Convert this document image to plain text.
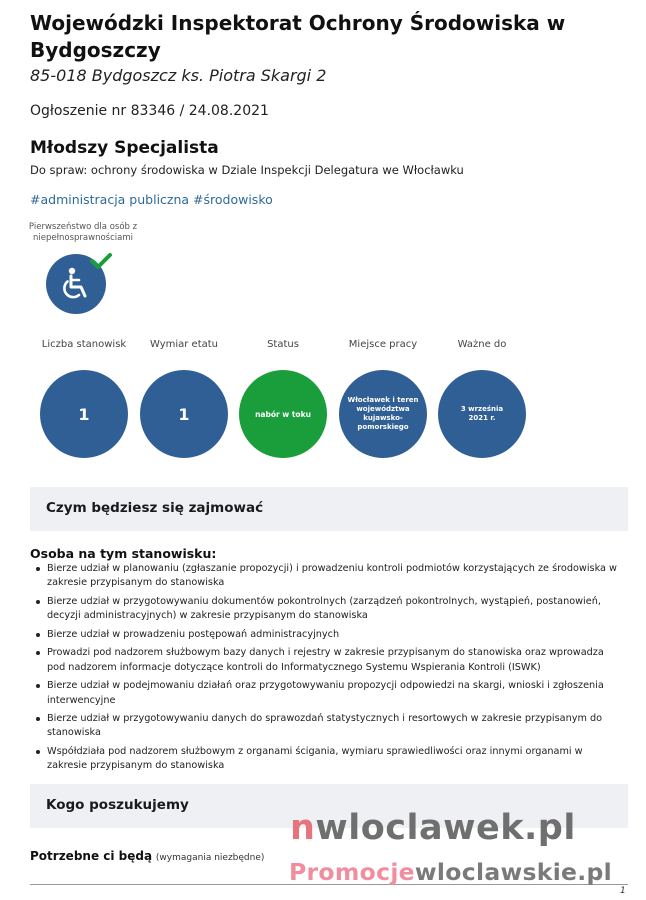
Wojewódzki Inspektorat Ochrony Środowiska w Bydgoszczy
85-018 Bydgoszcz ks. Piotra Skargi 2
Ogłoszenie nr 83346 / 24.08.2021
Młodszy Specjalista
Do spraw: ochrony środowiska w Dziale Inspekcji Delegatura we Włocławku
#administracja publiczna #środowisko
Pierwszeństwo dla osób z niepełnosprawnościami
Liczba stanowisk
1
Wymiar etatu
1
Status
nabór w toku
Miejsce pracy
Włocławek i teren województwa kujawsko-pomorskiego
Ważne do
3 września 2021 r.
Czym będziesz się zajmować
Osoba na tym stanowisku:
Bierze udział w planowaniu (zgłaszanie propozycji) i prowadzeniu kontroli podmiotów korzystających ze środowiska w zakresie przypisanym do stanowiska
Bierze udział w przygotowywaniu dokumentów pokontrolnych (zarządzeń pokontrolnych, wystąpień, postanowień, decyzji administracyjnych) w zakresie przypisanym do stanowiska
Bierze udział w prowadzeniu postępowań administracyjnych
Prowadzi pod nadzorem służbowym bazy danych i rejestry w zakresie przypisanym do stanowiska oraz wprowadza pod nadzorem informacje dotyczące kontroli do Informatycznego Systemu Wspierania Kontroli (ISWK)
Bierze udział w podejmowaniu działań oraz przygotowywaniu propozycji odpowiedzi na skargi, wnioski i zgłoszenia interwencyjne
Bierze udział w przygotowywaniu danych do sprawozdań statystycznych i resortowych w zakresie przypisanym do stanowiska
Współdziała pod nadzorem służbowym z organami ścigania, wymiaru sprawiedliwości oraz innymi organami w zakresie przypisanym do stanowiska
Kogo poszukujemy
Potrzebne ci będą (wymagania niezbędne)
1
nwloclawek.pl
Promocjewloclawskie.pl
